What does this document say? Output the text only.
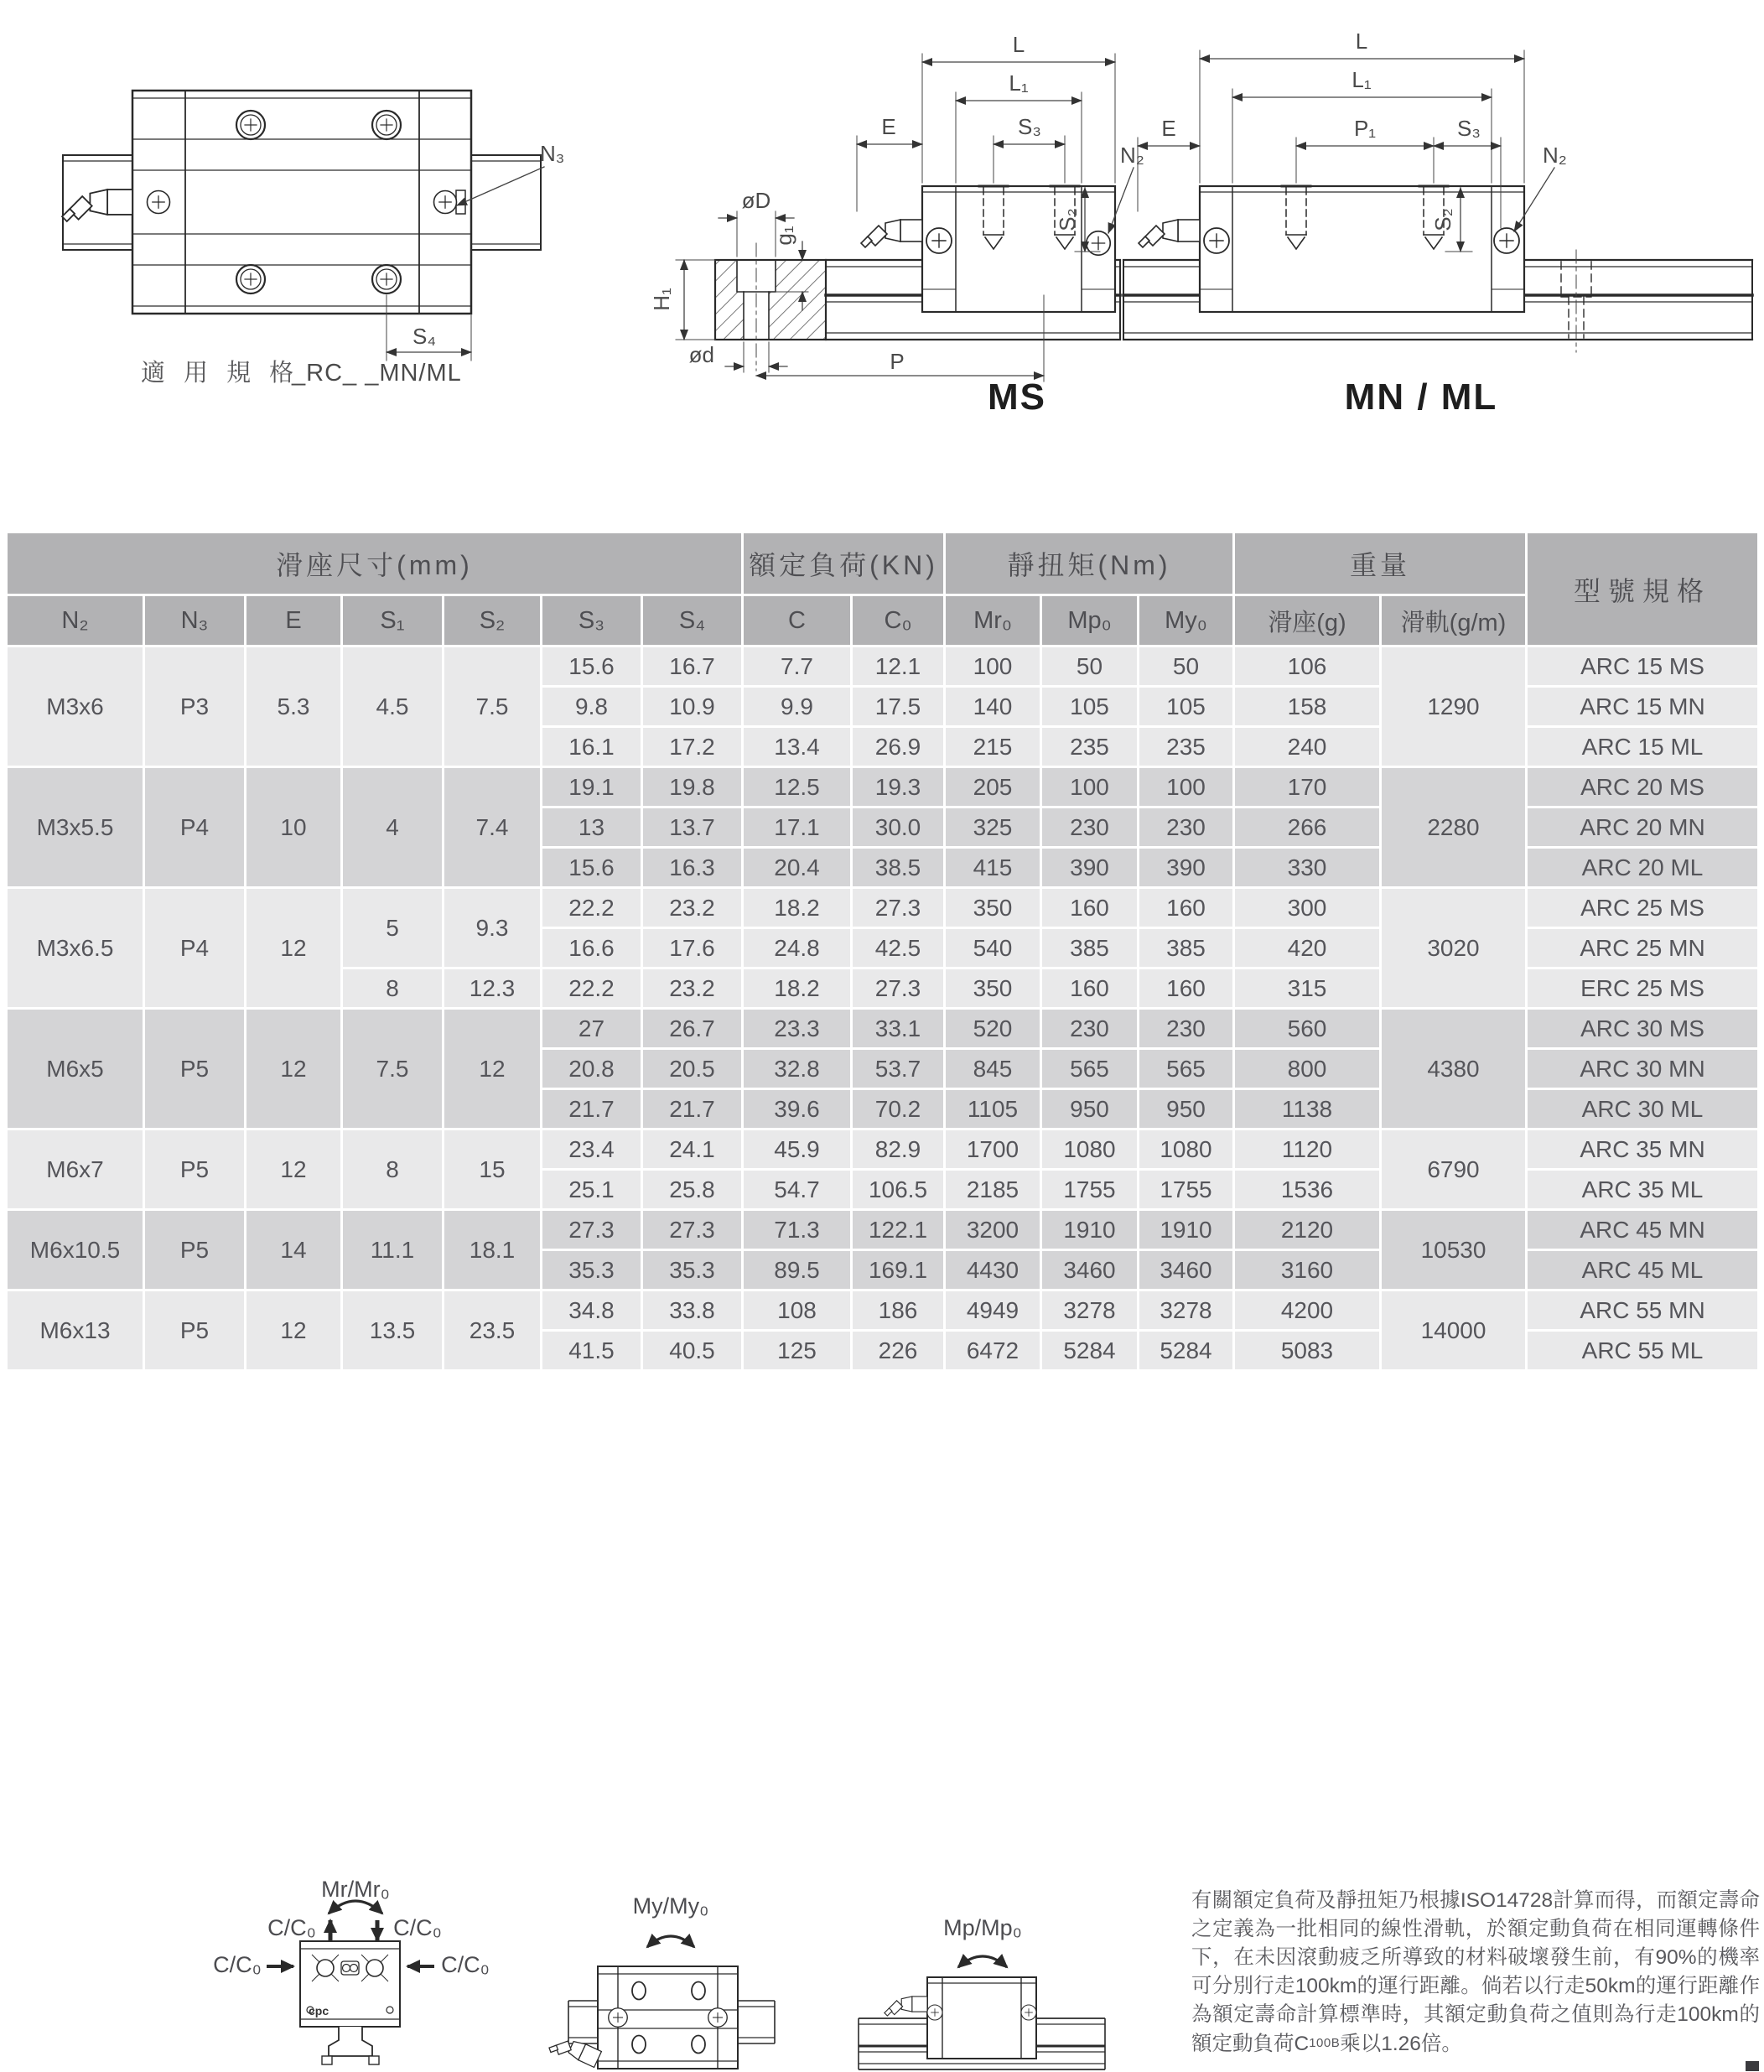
N₃
S₄
適 用 規 格
_RC_ _MN/ML
H₁
øD
g₁
L
L₁
E	S₃
S₂
N₂
P
ød
MS
L
L₁
P₁	S₃
E
S₂
N₂
MN / ML
滑座尺寸(mm)							額定負荷(KN)		靜扭矩(Nm)			重量		型號規格
N₂	N₃	E	S₁	S₂	S₃	S₄	C	C₀	Mr₀	Mp₀	My₀	滑座(g)	滑軌(g/m)	
M3x6	P3	5.3	4.5	7.5	15.6	16.7	7.7	12.1	100	50	50	106	1290	ARC 15 MS
					9.8	10.9	9.9	17.5	140	105	105	158		ARC 15 MN
					16.1	17.2	13.4	26.9	215	235	235	240		ARC 15 ML
M3x5.5	P4	10	4	7.4	19.1	19.8	12.5	19.3	205	100	100	170	2280	ARC 20 MS
					13	13.7	17.1	30.0	325	230	230	266		ARC 20 MN
					15.6	16.3	20.4	38.5	415	390	390	330		ARC 20 ML
M3x6.5	P4	12	5	9.3	22.2	23.2	18.2	27.3	350	160	160	300	3020	ARC 25 MS
					16.6	17.6	24.8	42.5	540	385	385	420		ARC 25 MN
			8	12.3	22.2	23.2	18.2	27.3	350	160	160	315		ERC 25 MS
M6x5	P5	12	7.5	12	27	26.7	23.3	33.1	520	230	230	560	4380	ARC 30 MS
					20.8	20.5	32.8	53.7	845	565	565	800		ARC 30 MN
					21.7	21.7	39.6	70.2	1105	950	950	1138		ARC 30 ML
M6x7	P5	12	8	15	23.4	24.1	45.9	82.9	1700	1080	1080	1120	6790	ARC 35 MN
					25.1	25.8	54.7	106.5	2185	1755	1755	1536		ARC 35 ML
M6x10.5	P5	14	11.1	18.1	27.3	27.3	71.3	122.1	3200	1910	1910	2120	10530	ARC 45 MN
					35.3	35.3	89.5	169.1	4430	3460	3460	3160		ARC 45 ML
M6x13	P5	12	13.5	23.5	34.8	33.8	108	186	4949	3278	3278	4200	14000	ARC 55 MN
					41.5	40.5	125	226	6472	5284	5284	5083		ARC 55 ML
Mr/Mr₀
C/C₀	C/C₀
C/C₀	C/C₀
cpc
My/My₀
Mp/Mp₀
有關額定負荷及靜扭矩乃根據ISO14728計算而得，而額定壽命之定義為一批相同的線性滑軌，於額定動負荷在相同運轉條件下，在未因滾動疲乏所導致的材料破壞發生前，有90%的機率可分別行走100km的運行距離。倘若以行走50km的運行距離作為額定壽命計算標準時，其額定動負荷之值則為行走100km的額定動負荷C100B乘以1.26倍。
